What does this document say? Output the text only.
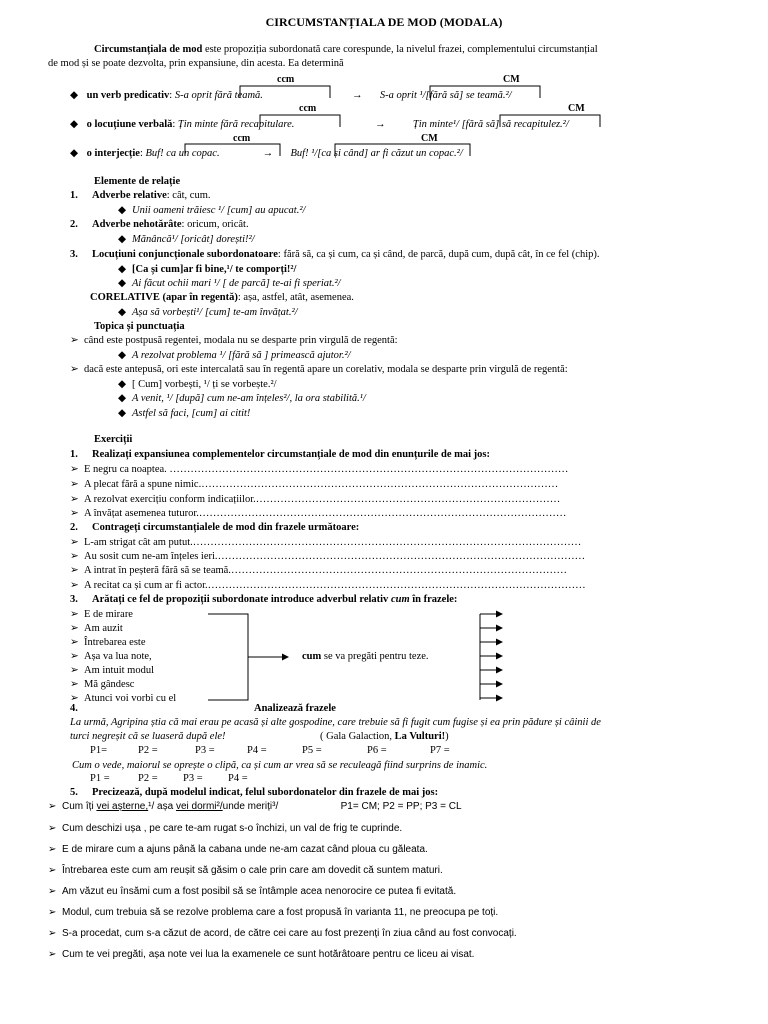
CIRCUMSTANȚIALA DE MOD (MODALA)
Circumstanțiala de mod este propoziția subordonată care corespunde, la nivelul frazei, complementului circumstanțial
de mod și se poate dezvolta, prin expansiune, din acesta. Ea determină
ccm	CM
ccm	CM
ccm	CM
◆ un verb predicativ: S-a oprit fără teamă.	→ S-a oprit ¹/[fără să] se teamă.²/
◆ o locuțiune verbală: Țin minte fără recapitulare.	→	Țin minte¹/ [fără să] să recapitulez.²/
◆ o interjecție: Buf! ca un copac.	→ Buf! ¹/[ca și când] ar fi căzut un copac.²/
Elemente de relație
1. Adverbe relative: cât, cum.
◆ Unii oameni trăiesc ¹/ [cum] au apucat.²/
2. Adverbe nehotărâte: oricum, oricât.
◆ Mănâncă¹/ [oricât] dorești!²/
3. Locuțiuni conjuncționale subordonatoare: fără să, ca și cum, ca și când, de parcă, după cum, după cât, în ce fel (chip).
◆ [Ca și cum]ar fi bine,¹/ te comporți!²/
◆ Ai făcut ochii mari ¹/ [ de parcă] te-ai fi speriat.²/
CORELATIVE (apar în regentă): așa, astfel, atât, asemenea.
◆ Așa să vorbești¹/ [cum] te-am învățat.²/
Topica și punctuația
➢ când este postpusă regentei, modala nu se desparte prin virgulă de regentă:
◆ A rezolvat problema ¹/ [fără să ] primească ajutor.²/
➢ dacă este antepusă, ori este intercalată sau în regentă apare un corelativ, modala se desparte prin virgulă de regentă:
◆ [ Cum] vorbești, ¹/ ți se vorbește.²/
◆ A venit, ¹/ [după] cum ne-am înțeles²/, la ora stabilită.¹/
◆ Astfel să faci, [cum] ai citit!
Exerciții
1. Realizați expansiunea complementelor circumstanțiale de mod din enunțurile de mai jos:
➢ E negru ca noaptea. ……………………………………………………………………………………………………
➢ A plecat fără a spune nimic.…………………………………………………………………………………………
➢ A rezolvat exercițiu conform indicațiilor.……………………………………………………………………………
➢ A învățat asemenea tuturor.……………………………………………………………………………………………
2. Contrageți circumstanțialele de mod din frazele următoare:
➢ L-am strigat cât am putut.…………………………………………………………………………………………………
➢ Au sosit cum ne-am înțeles ieri.……………………………………………………………………………………………
➢ A intrat în peșteră fără să se teamă.……………………………………………………………………………………
➢ A recitat ca și cum ar fi actor.………………………………………………………………………………………………
3. Arătați ce fel de propoziții subordonate introduce adverbul relativ cum în frazele:
➢ E de mirare
➢ Am auzit
➢ Întrebarea este
➢ Așa va lua note,
➢ Am intuit modul
➢ Mă gândesc
➢ Atunci voi vorbi cu el
cum se va pregăti pentru teze.
4.	Analizează frazele
La urmă, Agripina știa că mai erau pe acasă și alte gospodine, care trebuie să fi fugit cum fugise și ea prin pădure și câinii de
turci negreșit că se luaseră după ele!	( Gala Galaction, La Vulturi!)
P1=	P2 =	P3 =	P4 =	P5 =	P6 =	P7 =
Cum o vede, maiorul se oprește o clipă, ca și cum ar vrea să se reculeagă fiind surprins de inamic.
P1 =	P2 = P3 = P4 =
5. Precizează, după modelul indicat, felul subordonatelor din frazele de mai jos:
➢ Cum îți vei așterne,¹/ așa vei dormi²/unde meriți³/	P1= CM; P2 = PP; P3 = CL
➢ Cum deschizi ușa , pe care te-am rugat s-o închizi, un val de frig te cuprinde.
➢ E de mirare cum a ajuns până la cabana unde ne-am cazat când ploua cu găleata.
➢ Întrebarea este cum am reușit să găsim o cale prin care am dovedit că suntem maturi.
➢ Am văzut eu însămi cum a fost posibil să se întâmple acea nenorocire ce putea fi evitată.
➢ Modul, cum trebuia să se rezolve problema care a fost propusă în varianta 11, ne preocupa pe toți.
➢ S-a procedat, cum s-a căzut de acord, de către cei care au fost prezenți în ziua când au fost convocați.
➢ Cum te vei pregăti, așa note vei lua la examenele ce sunt hotărâtoare pentru ce liceu ai visat.
